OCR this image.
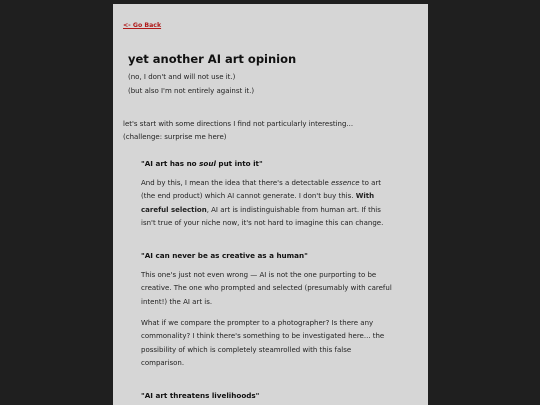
<- Go Back
yet another AI art opinion
(no, I don't and will not use it.)
(but also I'm not entirely against it.)
let's start with some directions I find not particularly interesting...
(challenge: surprise me here)
"AI art has no soul put into it"
And by this, I mean the idea that there's a detectable essence to art
(the end product) which AI cannot generate. I don't buy this. With
careful selection, AI art is indistinguishable from human art. If this
isn't true of your niche now, it's not hard to imagine this can change.
"AI can never be as creative as a human"
This one's just not even wrong — AI is not the one purporting to be
creative. The one who prompted and selected (presumably with careful
intent!) the AI art is.
What if we compare the prompter to a photographer? Is there any
commonality? I think there's something to be investigated here... the
possibility of which is completely steamrolled with this false
comparison.
"AI art threatens livelihoods"
